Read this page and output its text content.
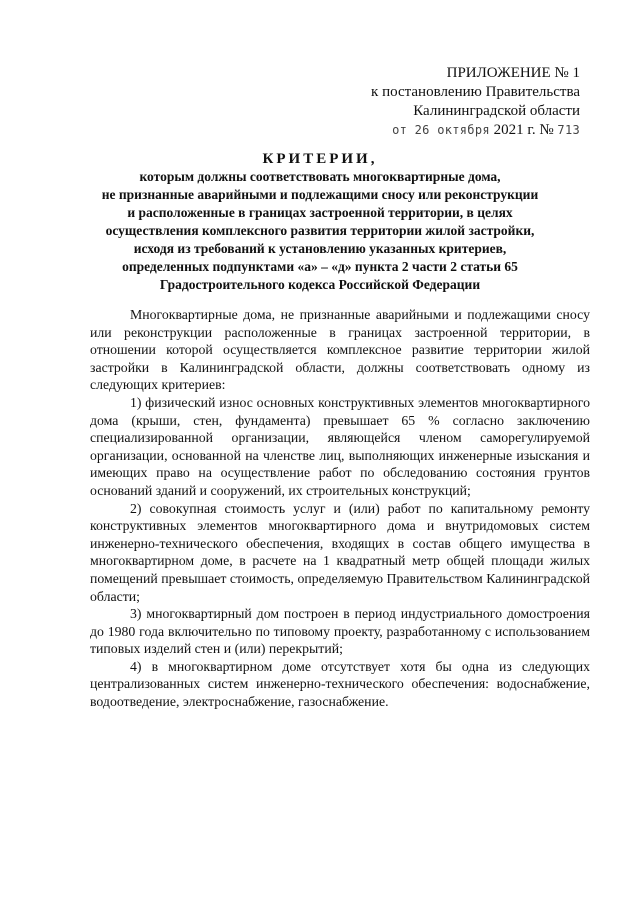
ПРИЛОЖЕНИЕ № 1
к постановлению Правительства
Калининградской области
от 26 октября 2021 г. № 713
КРИТЕРИИ,
которым должны соответствовать многоквартирные дома,
не признанные аварийными и подлежащими сносу или реконструкции
и расположенные в границах застроенной территории, в целях
осуществления комплексного развития территории жилой застройки,
исходя из требований к установлению указанных критериев,
определенных подпунктами «а» – «д» пункта 2 части 2 статьи 65
Градостроительного кодекса Российской Федерации

Многоквартирные дома, не признанные аварийными и подлежащими сносу или реконструкции расположенные в границах застроенной территории, в отношении которой осуществляется комплексное развитие территории жилой застройки в Калининградской области, должны соответствовать одному из следующих критериев:

1) физический износ основных конструктивных элементов многоквартирного дома (крыши, стен, фундамента) превышает 65 % согласно заключению специализированной организации, являющейся членом саморегулируемой организации, основанной на членстве лиц, выполняющих инженерные изыскания и имеющих право на осуществление работ по обследованию состояния грунтов оснований зданий и сооружений, их строительных конструкций;

2) совокупная стоимость услуг и (или) работ по капитальному ремонту конструктивных элементов многоквартирного дома и внутридомовых систем инженерно-технического обеспечения, входящих в состав общего имущества в многоквартирном доме, в расчете на 1 квадратный метр общей площади жилых помещений превышает стоимость, определяемую Правительством Калининградской области;

3) многоквартирный дом построен в период индустриального домостроения до 1980 года включительно по типовому проекту, разработанному с использованием типовых изделий стен и (или) перекрытий;

4) в многоквартирном доме отсутствует хотя бы одна из следующих централизованных систем инженерно-технического обеспечения: водоснабжение, водоотведение, электроснабжение, газоснабжение.
